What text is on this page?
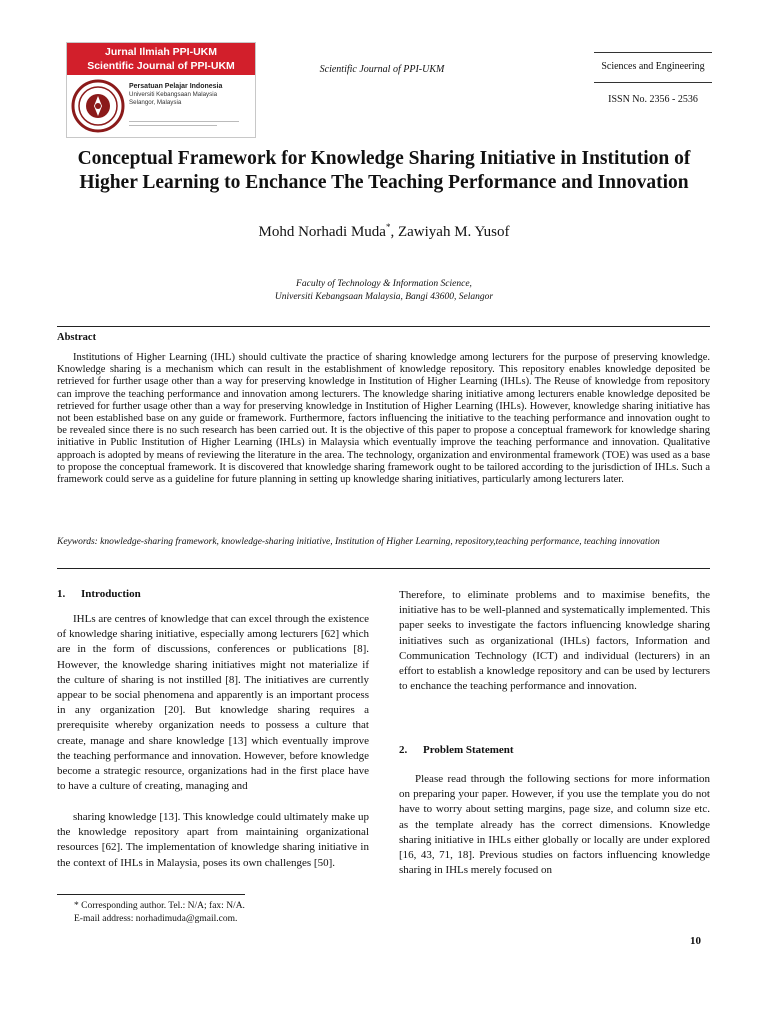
Jurnal Ilmiah PPI-UKM
Scientific Journal of PPI-UKM
Persatuan Pelajar Indonesia
Universiti Kebangsaan Malaysia
Selangor, Malaysia
Scientific Journal of PPI-UKM	Sciences and Engineering
ISSN No. 2356 - 2536
Conceptual Framework for Knowledge Sharing Initiative in Institution of Higher Learning to Enchance The Teaching Performance and Innovation
Mohd Norhadi Muda*, Zawiyah M. Yusof
Faculty of Technology & Information Science,
Universiti Kebangsaan Malaysia, Bangi 43600, Selangor
Abstract

Institutions of Higher Learning (IHL) should cultivate the practice of sharing knowledge among lecturers for the purpose of preserving knowledge. Knowledge sharing is a mechanism which can result in the establishment of knowledge repository. This repository enables knowledge deposited be retrieved for further usage other than a way for preserving knowledge in Institution of Higher Learning (IHLs). The Reuse of knowledge from repository can improve the teaching performance and innovation among lecturers. The knowledge sharing initiative among lecturers enable knowledge deposited be retrieved for further usage other than a way for preserving knowledge in Institution of Higher Learning (IHLs). However, knowledge sharing initiative has not been established base on any guide or framework. Furthermore, factors influencing the initiative to the teaching performance and innovation ought to be revealed since there is no such research has been carried out. It is the objective of this paper to propose a conceptual framework for knowledge sharing initiative in Public Institution of Higher Learning (IHLs) in Malaysia which eventually improve the teaching performance and innovation. Qualitative approach is adopted by means of reviewing the literature in the area. The technology, organization and environmental framework (TOE) was used as a base to propose the conceptual framework. It is discovered that knowledge sharing framework ought to be tailored according to the jurisdiction of IHLs. Such a framework could serve as a guideline for future planning in setting up knowledge sharing initiatives, particularly among lecturers later.

Keywords: knowledge-sharing framework, knowledge-sharing initiative, Institution of Higher Learning, repository,teaching performance, teaching innovation
1. Introduction

IHLs are centres of knowledge that can excel through the existence of knowledge sharing initiative, especially among lecturers [62] which are in the form of discussions, conferences or publications [8]. However, the knowledge sharing initiatives might not materialize if the culture of sharing is not instilled [8]. The initiatives are currently appear to be social phenomena and apparently is an important process in any organization [20]. But knowledge sharing requires a prerequisite whereby organization needs to possess a culture that create, manage and share knowledge [13] which eventually improve the teaching performance and innovation. However, before knowledge become a strategic resource, organizations had in the first place have to have a culture of creating, managing and

sharing knowledge [13]. This knowledge could ultimately make up the knowledge repository apart from maintaining organizational resources [62]. The implementation of knowledge sharing initiative in the context of IHLs in Malaysia, poses its own challenges [50].

Therefore, to eliminate problems and to maximise benefits, the initiative has to be well-planned and systematically implemented. This paper seeks to investigate the factors influencing knowledge sharing initiatives such as organizational (IHLs) factors, Information and Communication Technology (ICT) and individual (lecturers) in an effort to establish a knowledge repository and can be used by lecturers to enchance the teaching performance and innovation.

2. Problem Statement

Please read through the following sections for more information on preparing your paper. However, if you use the template you do not have to worry about setting margins, page size, and column size etc. as the template already has the correct dimensions. Knowledge sharing initiative in IHLs either globally or locally are under explored [16, 43, 71, 18]. Previous studies on factors influencing knowledge sharing in IHLs merely focused on

* Corresponding author. Tel.: N/A; fax: N/A.
E-mail address: norhadimuda@gmail.com.
10
